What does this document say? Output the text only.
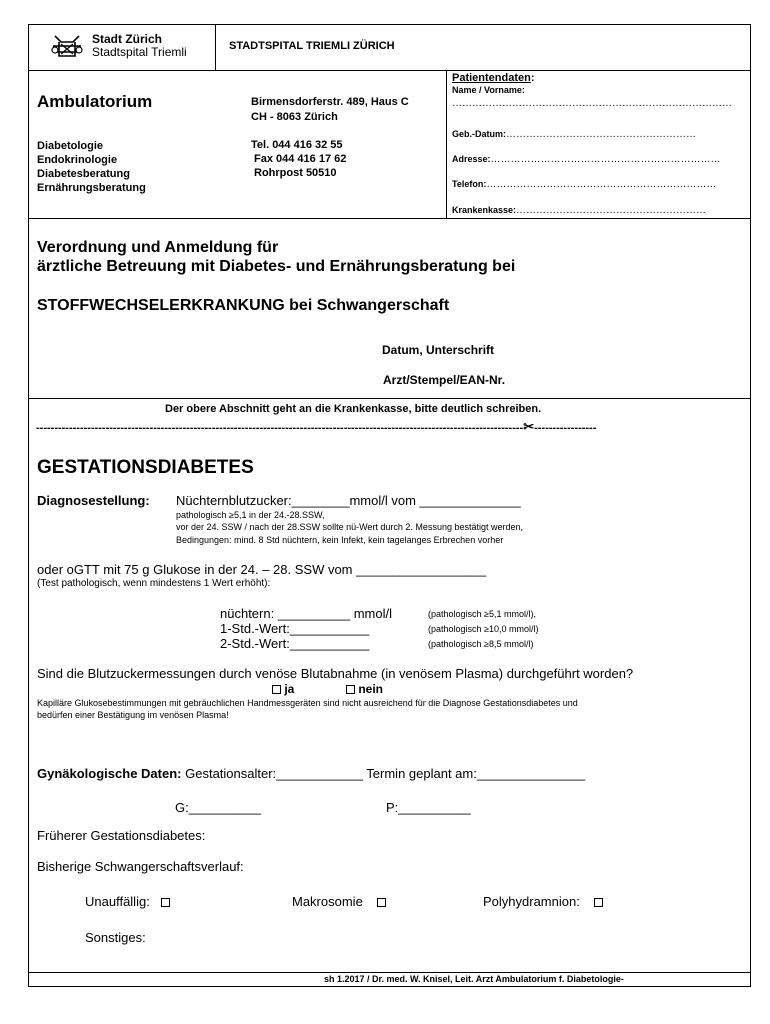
Stadt Zürich
Stadtspital Triemli	STADTSPITAL TRIEMLI ZÜRICH
Ambulatorium
Diabetologie
Endokrinologie
Diabetesberatung
Ernährungsberatung
Birmensdorferstr. 489, Haus C
CH - 8063 Zürich
Tel. 044 416 32 55
Fax 044 416 17 62
Rohrpost 50510
Patientendaten:
Name / Vorname:
…………………………………………………………………………
Geb.-Datum:…………………………………………………
Adresse:……………………………………………………………
Telefon:……………………………………………………………
Krankenkasse:…………………………………………………
Verordnung und Anmeldung für
ärztliche Betreuung mit Diabetes- und Ernährungsberatung bei
STOFFWECHSELERKRANKUNG bei Schwangerschaft
Datum, Unterschrift
Arzt/Stempel/EAN-Nr.
Der obere Abschnitt geht an die Krankenkasse, bitte deutlich schreiben.
-------------------------------------------------------------------------------------------------------------------------------------✂-----------------
GESTATIONSDIABETES
Diagnosestellung: Nüchternblutzucker:________mmol/l vom ______________
pathologisch ≥5,1 in der 24.-28.SSW,
vor der 24. SSW / nach der 28.SSW sollte nü-Wert durch 2. Messung bestätigt werden,
Bedingungen: mind. 8 Std nüchtern, kein Infekt, kein tagelanges Erbrechen vorher
oder oGTT mit 75 g Glukose in der 24. – 28. SSW vom __________________
(Test pathologisch, wenn mindestens 1 Wert erhöht):
nüchtern: __________ mmol/l	(pathologisch ≥5,1 mmol/l),
1-Std.-Wert:___________	(pathologisch ≥10,0 mmol/l)
2-Std.-Wert:___________	(pathologisch ≥8,5 mmol/l)
Sind die Blutzuckermessungen durch venöse Blutabnahme (in venösem Plasma) durchgeführt worden?
ja	nein
Kapilläre Glukosebestimmungen mit gebräuchlichen Handmessgeräten sind nicht ausreichend für die Diagnose Gestationsdiabetes und
bedürfen einer Bestätigung im venösen Plasma!
Gynäkologische Daten: Gestationsalter:____________ Termin geplant am:_______________
G:__________	P:__________
Früherer Gestationsdiabetes:
Bisherige Schwangerschaftsverlauf:
Unauffällig:	Makrosomie	Polyhydramnion:
Sonstiges:
sh 1.2017 / Dr. med. W. Knisel, Leit. Arzt Ambulatorium f. Diabetologie-
